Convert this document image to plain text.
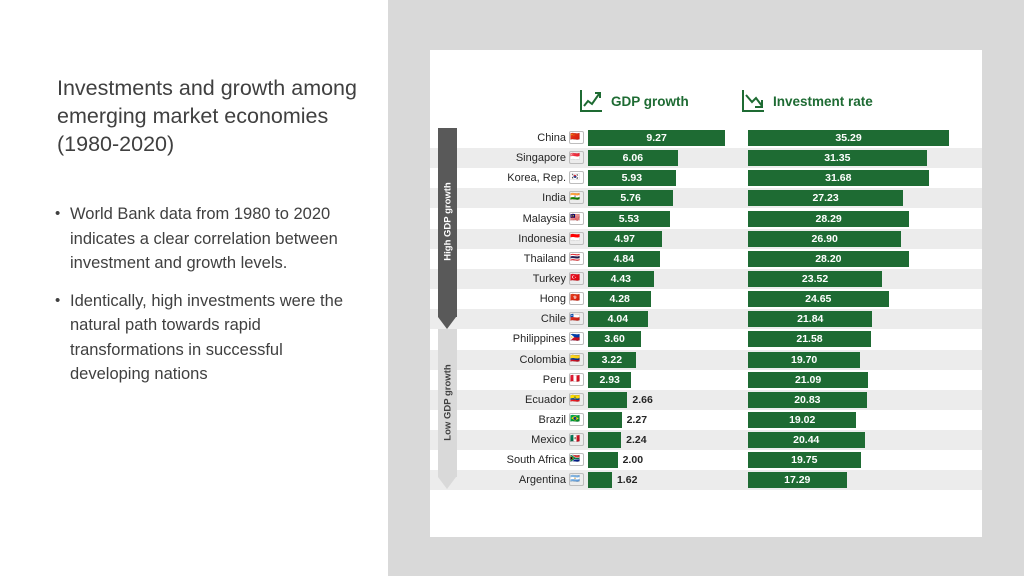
Investments and growth among emerging market economies (1980-2020)
• World Bank data from 1980 to 2020 indicates a clear correlation between investment and growth levels.
• Identically, high investments were the natural path towards rapid transformations in successful developing nations
GDP growth	Investment rate
China 🇨🇳	9.27	35.29
Singapore 🇸🇬	6.06	31.35
Korea, Rep. 🇰🇷	5.93	31.68
India 🇮🇳	5.76	27.23
Malaysia 🇲🇾	5.53	28.29
Indonesia 🇮🇩	4.97	26.90
Thailand 🇹🇭	4.84	28.20
Turkey 🇹🇷	4.43	23.52
Hong 🇭🇰	4.28	24.65
Chile 🇨🇱	4.04	21.84
Philippines 🇵🇭	3.60	21.58
Colombia 🇨🇴	3.22	19.70
Peru 🇵🇪	2.93	21.09
Ecuador 🇪🇨	2.66	20.83
Brazil 🇧🇷	2.27	19.02
Mexico 🇲🇽	2.24	20.44
South Africa 🇿🇦	2.00	19.75
Argentina 🇦🇷	1.62	17.29
High GDP growth
Low GDP growth
